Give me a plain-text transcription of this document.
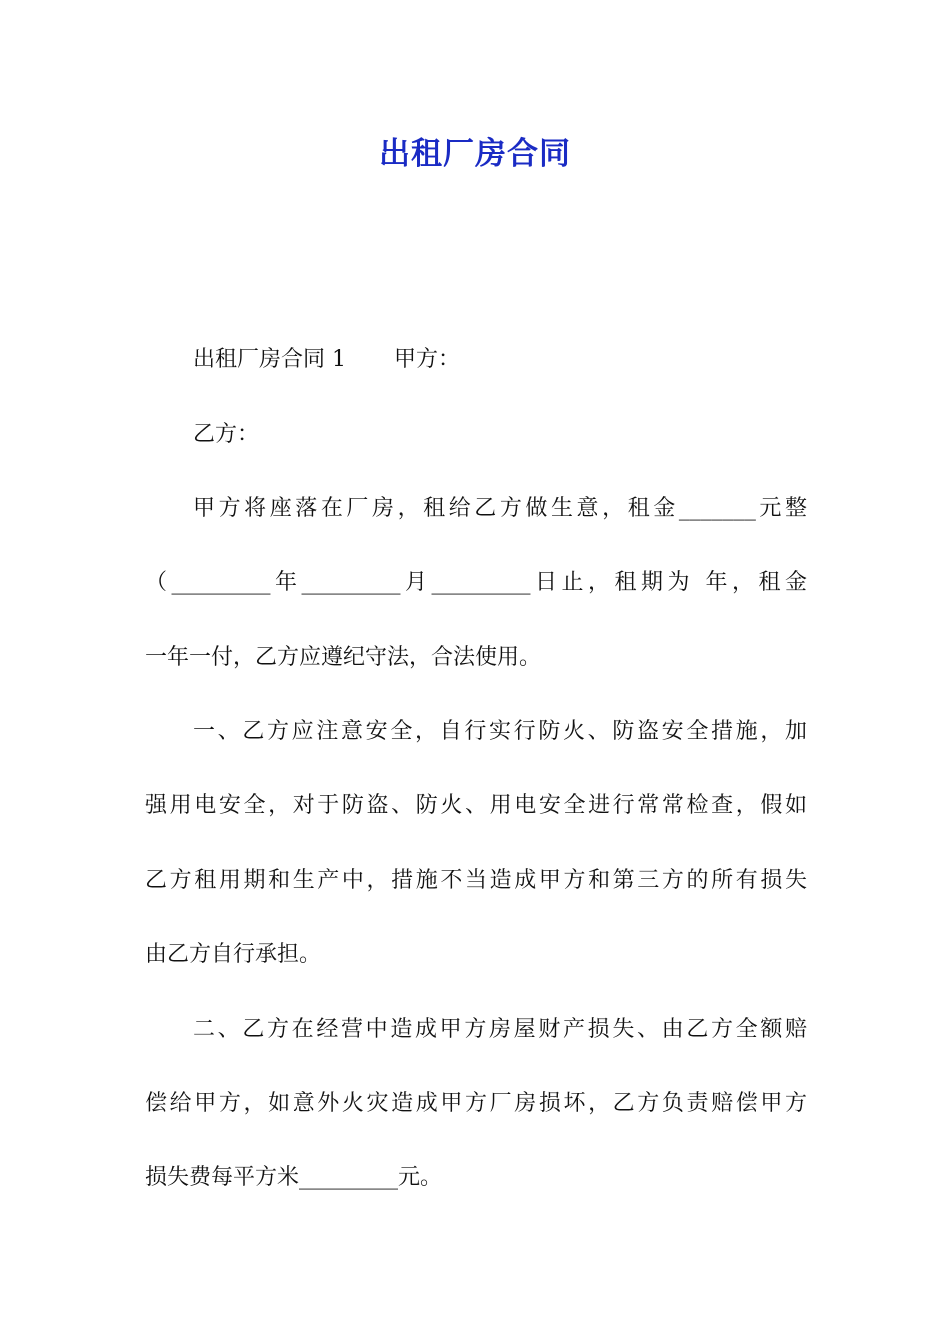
出租厂房合同
出租厂房合同 1 甲方：
乙方：
甲方将座落在厂房，租给乙方做生意，租金_______元整
（_________年_________月_________日止，租期为 年，租金
一年一付，乙方应遵纪守法，合法使用。
一、乙方应注意安全，自行实行防火、防盗安全措施，加
强用电安全，对于防盗、防火、用电安全进行常常检查，假如
乙方租用期和生产中，措施不当造成甲方和第三方的所有损失
由乙方自行承担。
二、乙方在经营中造成甲方房屋财产损失、由乙方全额赔
偿给甲方，如意外火灾造成甲方厂房损坏，乙方负责赔偿甲方
损失费每平方米_________元。
